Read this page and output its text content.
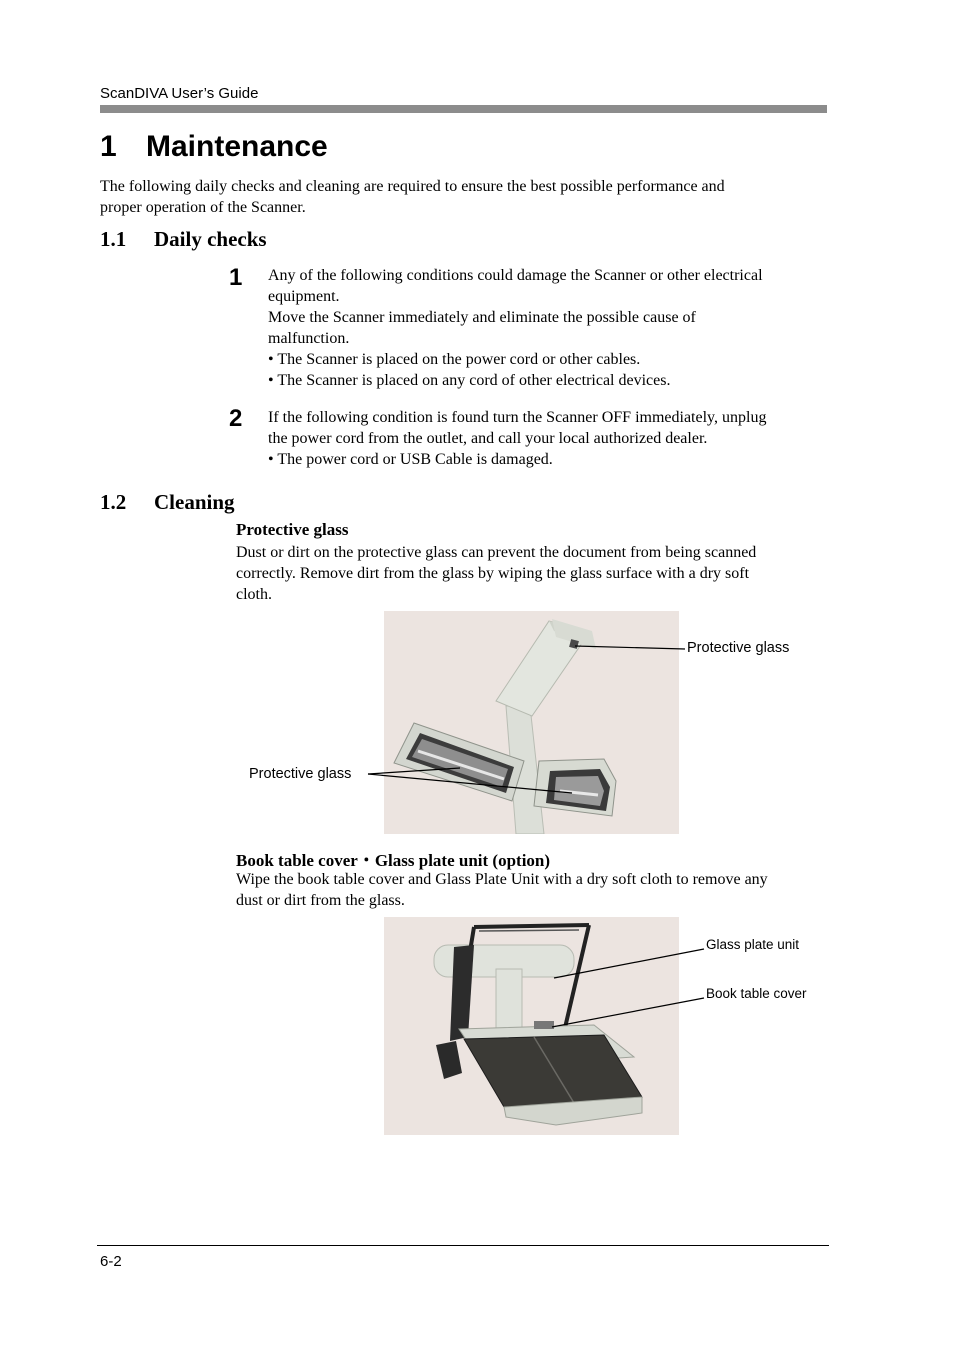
ScanDIVA User’s Guide
1 Maintenance
The following daily checks and cleaning are required to ensure the best possible performance and
proper operation of the Scanner.
1.1 Daily checks
1 Any of the following conditions could damage the Scanner or other electrical
equipment.
Move the Scanner immediately and eliminate the possible cause of
malfunction.
• The Scanner is placed on the power cord or other cables.
• The Scanner is placed on any cord of other electrical devices.
2 If the following condition is found turn the Scanner OFF immediately, unplug
the power cord from the outlet, and call your local authorized dealer.
• The power cord or USB Cable is damaged.
1.2 Cleaning
Protective glass
Dust or dirt on the protective glass can prevent the document from being scanned
correctly. Remove dirt from the glass by wiping the glass surface with a dry soft
cloth.
Protective glass
Protective glass
Book table cover・Glass plate unit (option)
Wipe the book table cover and Glass Plate Unit with a dry soft cloth to remove any
dust or dirt from the glass.
Glass plate unit
Book table cover
6-2
